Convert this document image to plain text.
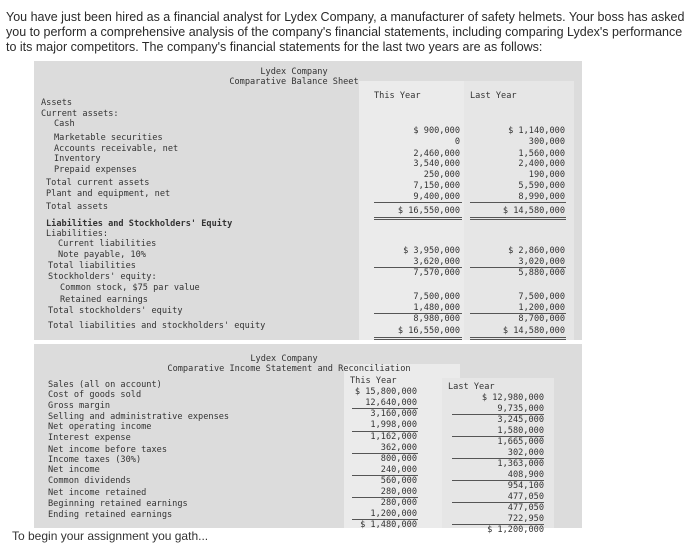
You have just been hired as a financial analyst for Lydex Company, a manufacturer of safety helmets. Your boss has asked you to perform a comprehensive analysis of the company's financial statements, including comparing Lydex's performance to its major competitors. The company's financial statements for the last two years are as follows:
Lydex Company
Comparative Balance Sheet
This Year	Last Year
Assets
Current assets:
Cash
Marketable securities
Accounts receivable, net
Inventory
Prepaid expenses
Total current assets
Plant and equipment, net
Total assets
Liabilities and Stockholders' Equity
Liabilities:
Current liabilities
Note payable, 10%
Total liabilities
Stockholders' equity:
Common stock, $75 par value
Retained earnings
Total stockholders' equity
Total liabilities and stockholders' equity
$ 900,000
0
2,460,000
3,540,000
250,000
7,150,000
9,400,000
$ 16,550,000
$ 3,950,000
3,620,000
7,570,000
7,500,000
1,480,000
8,980,000
$ 16,550,000
$ 1,140,000
300,000
1,560,000
2,400,000
190,000
5,590,000
8,990,000
$ 14,580,000
$ 2,860,000
3,020,000
5,880,000
7,500,000
1,200,000
8,700,000
$ 14,580,000
Lydex Company
Comparative Income Statement and Reconciliation
This Year
Last Year
Sales (all on account)
Cost of goods sold
Gross margin
Selling and administrative expenses
Net operating income
Interest expense
Net income before taxes
Income taxes (30%)
Net income
Common dividends
Net income retained
Beginning retained earnings
Ending retained earnings
$ 15,800,000
12,640,000
3,160,000
1,998,000
1,162,000
362,000
800,000
240,000
560,000
280,000
280,000
1,200,000
$ 1,480,000
$ 12,980,000
9,735,000
3,245,000
1,580,000
1,665,000
302,000
1,363,000
408,900
954,100
477,050
477,050
722,950
$ 1,200,000
To begin your assignment you gath...
